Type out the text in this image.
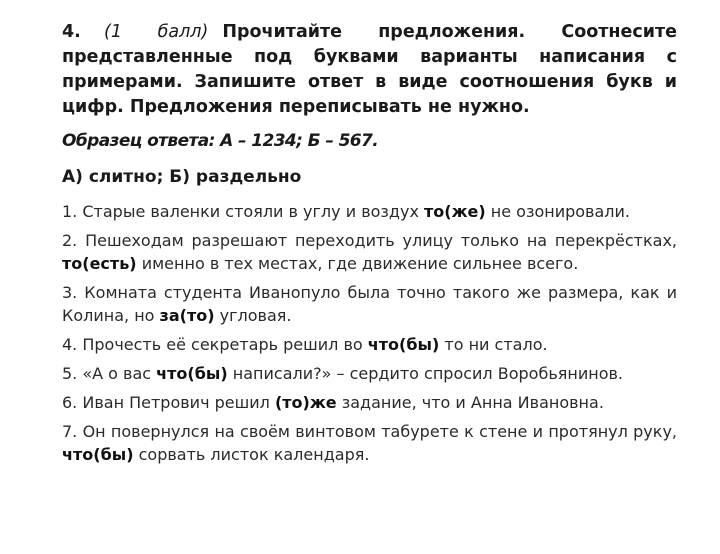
4. (1 балл) Прочитайте предложения. Соотнесите представленные под буквами варианты написания с примерами. Запишите ответ в виде соотношения букв и цифр. Предложения переписывать не нужно.
Образец ответа: А – 1234; Б – 567.
А) слитно; Б) раздельно

1. Старые валенки стояли в углу и воздух то(же) не озонировали.

2. Пешеходам разрешают переходить улицу только на перекрёстках, то(есть) именно в тех местах, где движение сильнее всего.

3. Комната студента Иванопуло была точно такого же размера, как и Колина, но за(то) угловая.

4. Прочесть её секретарь решил во что(бы) то ни стало.

5. «А о вас что(бы) написали?» – сердито спросил Воробьянинов.

6. Иван Петрович решил (то)же задание, что и Анна Ивановна.

7. Он повернулся на своём винтовом табурете к стене и протянул руку, что(бы) сорвать листок календаря.
